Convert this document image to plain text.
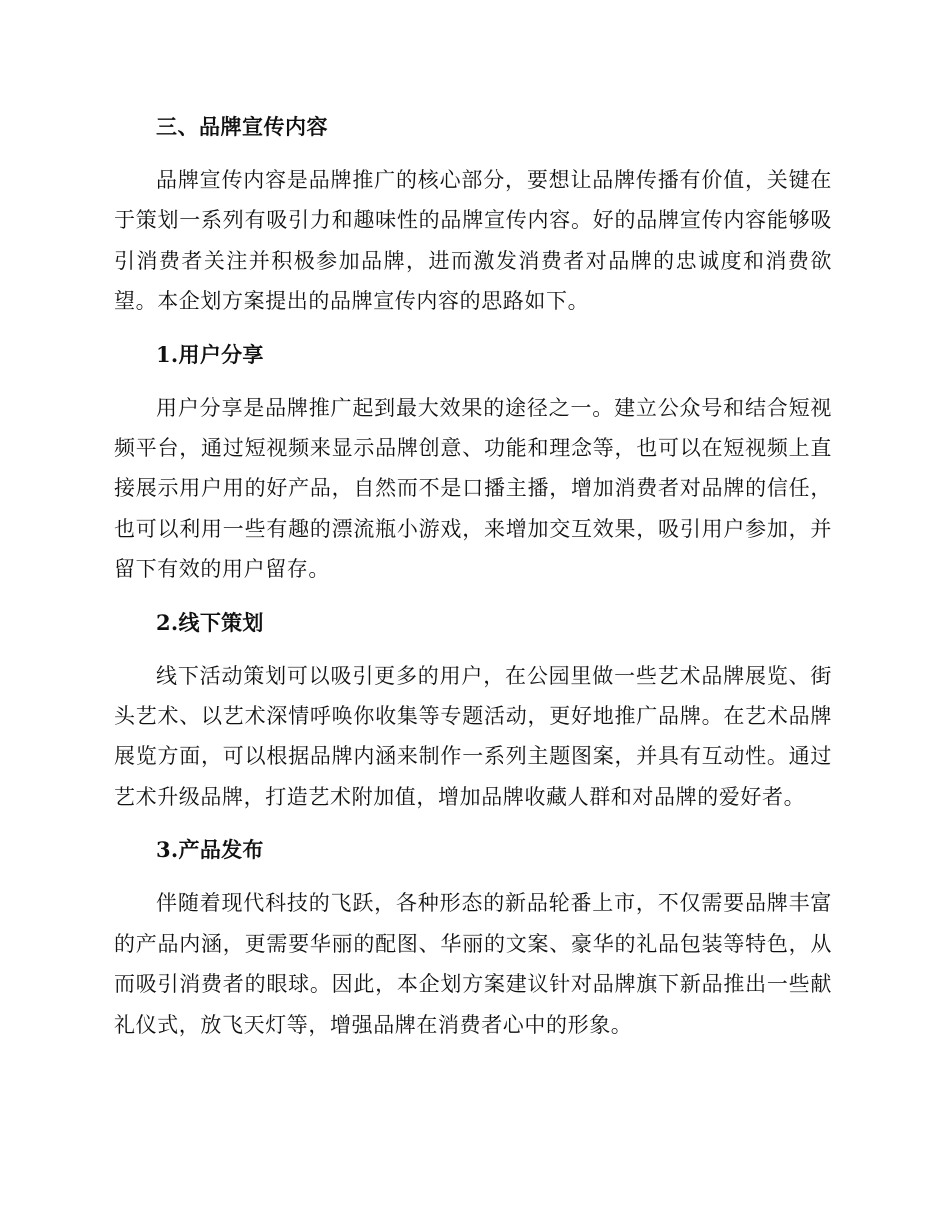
三、品牌宣传内容

品牌宣传内容是品牌推广的核心部分，要想让品牌传播有价值，关键在于策划一系列有吸引力和趣味性的品牌宣传内容。好的品牌宣传内容能够吸引消费者关注并积极参加品牌，进而激发消费者对品牌的忠诚度和消费欲望。本企划方案提出的品牌宣传内容的思路如下。

1.用户分享

用户分享是品牌推广起到最大效果的途径之一。建立公众号和结合短视频平台，通过短视频来显示品牌创意、功能和理念等，也可以在短视频上直接展示用户用的好产品，自然而不是口播主播，增加消费者对品牌的信任，也可以利用一些有趣的漂流瓶小游戏，来增加交互效果，吸引用户参加，并留下有效的用户留存。

2.线下策划

线下活动策划可以吸引更多的用户，在公园里做一些艺术品牌展览、街头艺术、以艺术深情呼唤你收集等专题活动，更好地推广品牌。在艺术品牌展览方面，可以根据品牌内涵来制作一系列主题图案，并具有互动性。通过艺术升级品牌，打造艺术附加值，增加品牌收藏人群和对品牌的爱好者。

3.产品发布

伴随着现代科技的飞跃，各种形态的新品轮番上市，不仅需要品牌丰富的产品内涵，更需要华丽的配图、华丽的文案、豪华的礼品包装等特色，从而吸引消费者的眼球。因此，本企划方案建议针对品牌旗下新品推出一些献礼仪式，放飞天灯等，增强品牌在消费者心中的形象。
